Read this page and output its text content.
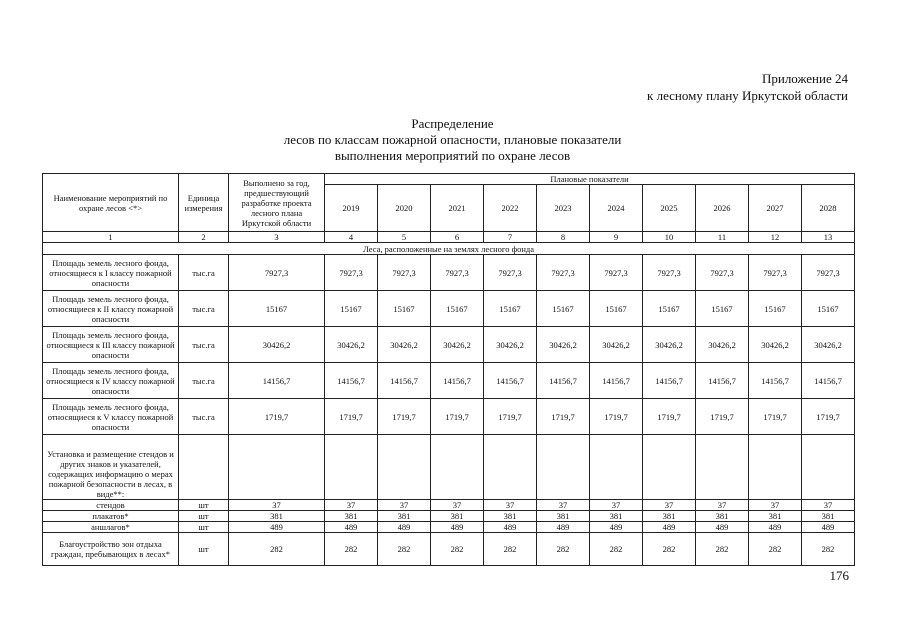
Приложение 24
к лесному плану Иркутской области
Распределение
лесов по классам пожарной опасности, плановые показатели
выполнения мероприятий по охране лесов
Наименование мероприятий по охране лесов <*>	Единица измерения	Выполнено за год, предшествующий разработке проекта лесного плана Иркутской области	Плановые показатели									
			2019	2020	2021	2022	2023	2024	2025	2026	2027	2028
1	2	3	4	5	6	7	8	9	10	11	12	13
Леса, расположенные на землях лесного фонда												
Площадь земель лесного фонда, относящиеся к I классу пожарной опасности	тыс.га	7927,3	7927,3	7927,3	7927,3	7927,3	7927,3	7927,3	7927,3	7927,3	7927,3	7927,3
Площадь земель лесного фонда, относящиеся к II классу пожарной опасности	тыс.га	15167	15167	15167	15167	15167	15167	15167	15167	15167	15167	15167
Площадь земель лесного фонда, относящиеся к III классу пожарной опасности	тыс.га	30426,2	30426,2	30426,2	30426,2	30426,2	30426,2	30426,2	30426,2	30426,2	30426,2	30426,2
Площадь земель лесного фонда, относящиеся к IV классу пожарной опасности	тыс.га	14156,7	14156,7	14156,7	14156,7	14156,7	14156,7	14156,7	14156,7	14156,7	14156,7	14156,7
Площадь земель лесного фонда, относящиеся к V классу пожарной опасности	тыс.га	1719,7	1719,7	1719,7	1719,7	1719,7	1719,7	1719,7	1719,7	1719,7	1719,7	1719,7
Установка и размещение стендов и других знаков и указателей, содержащих информацию о мерах пожарной безопасности в лесах, в виде**:												
стендов	шт	37	37	37	37	37	37	37	37	37	37	37
плакатов*	шт	381	381	381	381	381	381	381	381	381	381	381
аншлагов*	шт	489	489	489	489	489	489	489	489	489	489	489
Благоустройство зон отдыха граждан, пребывающих в лесах*	шт	282	282	282	282	282	282	282	282	282	282	282
176
